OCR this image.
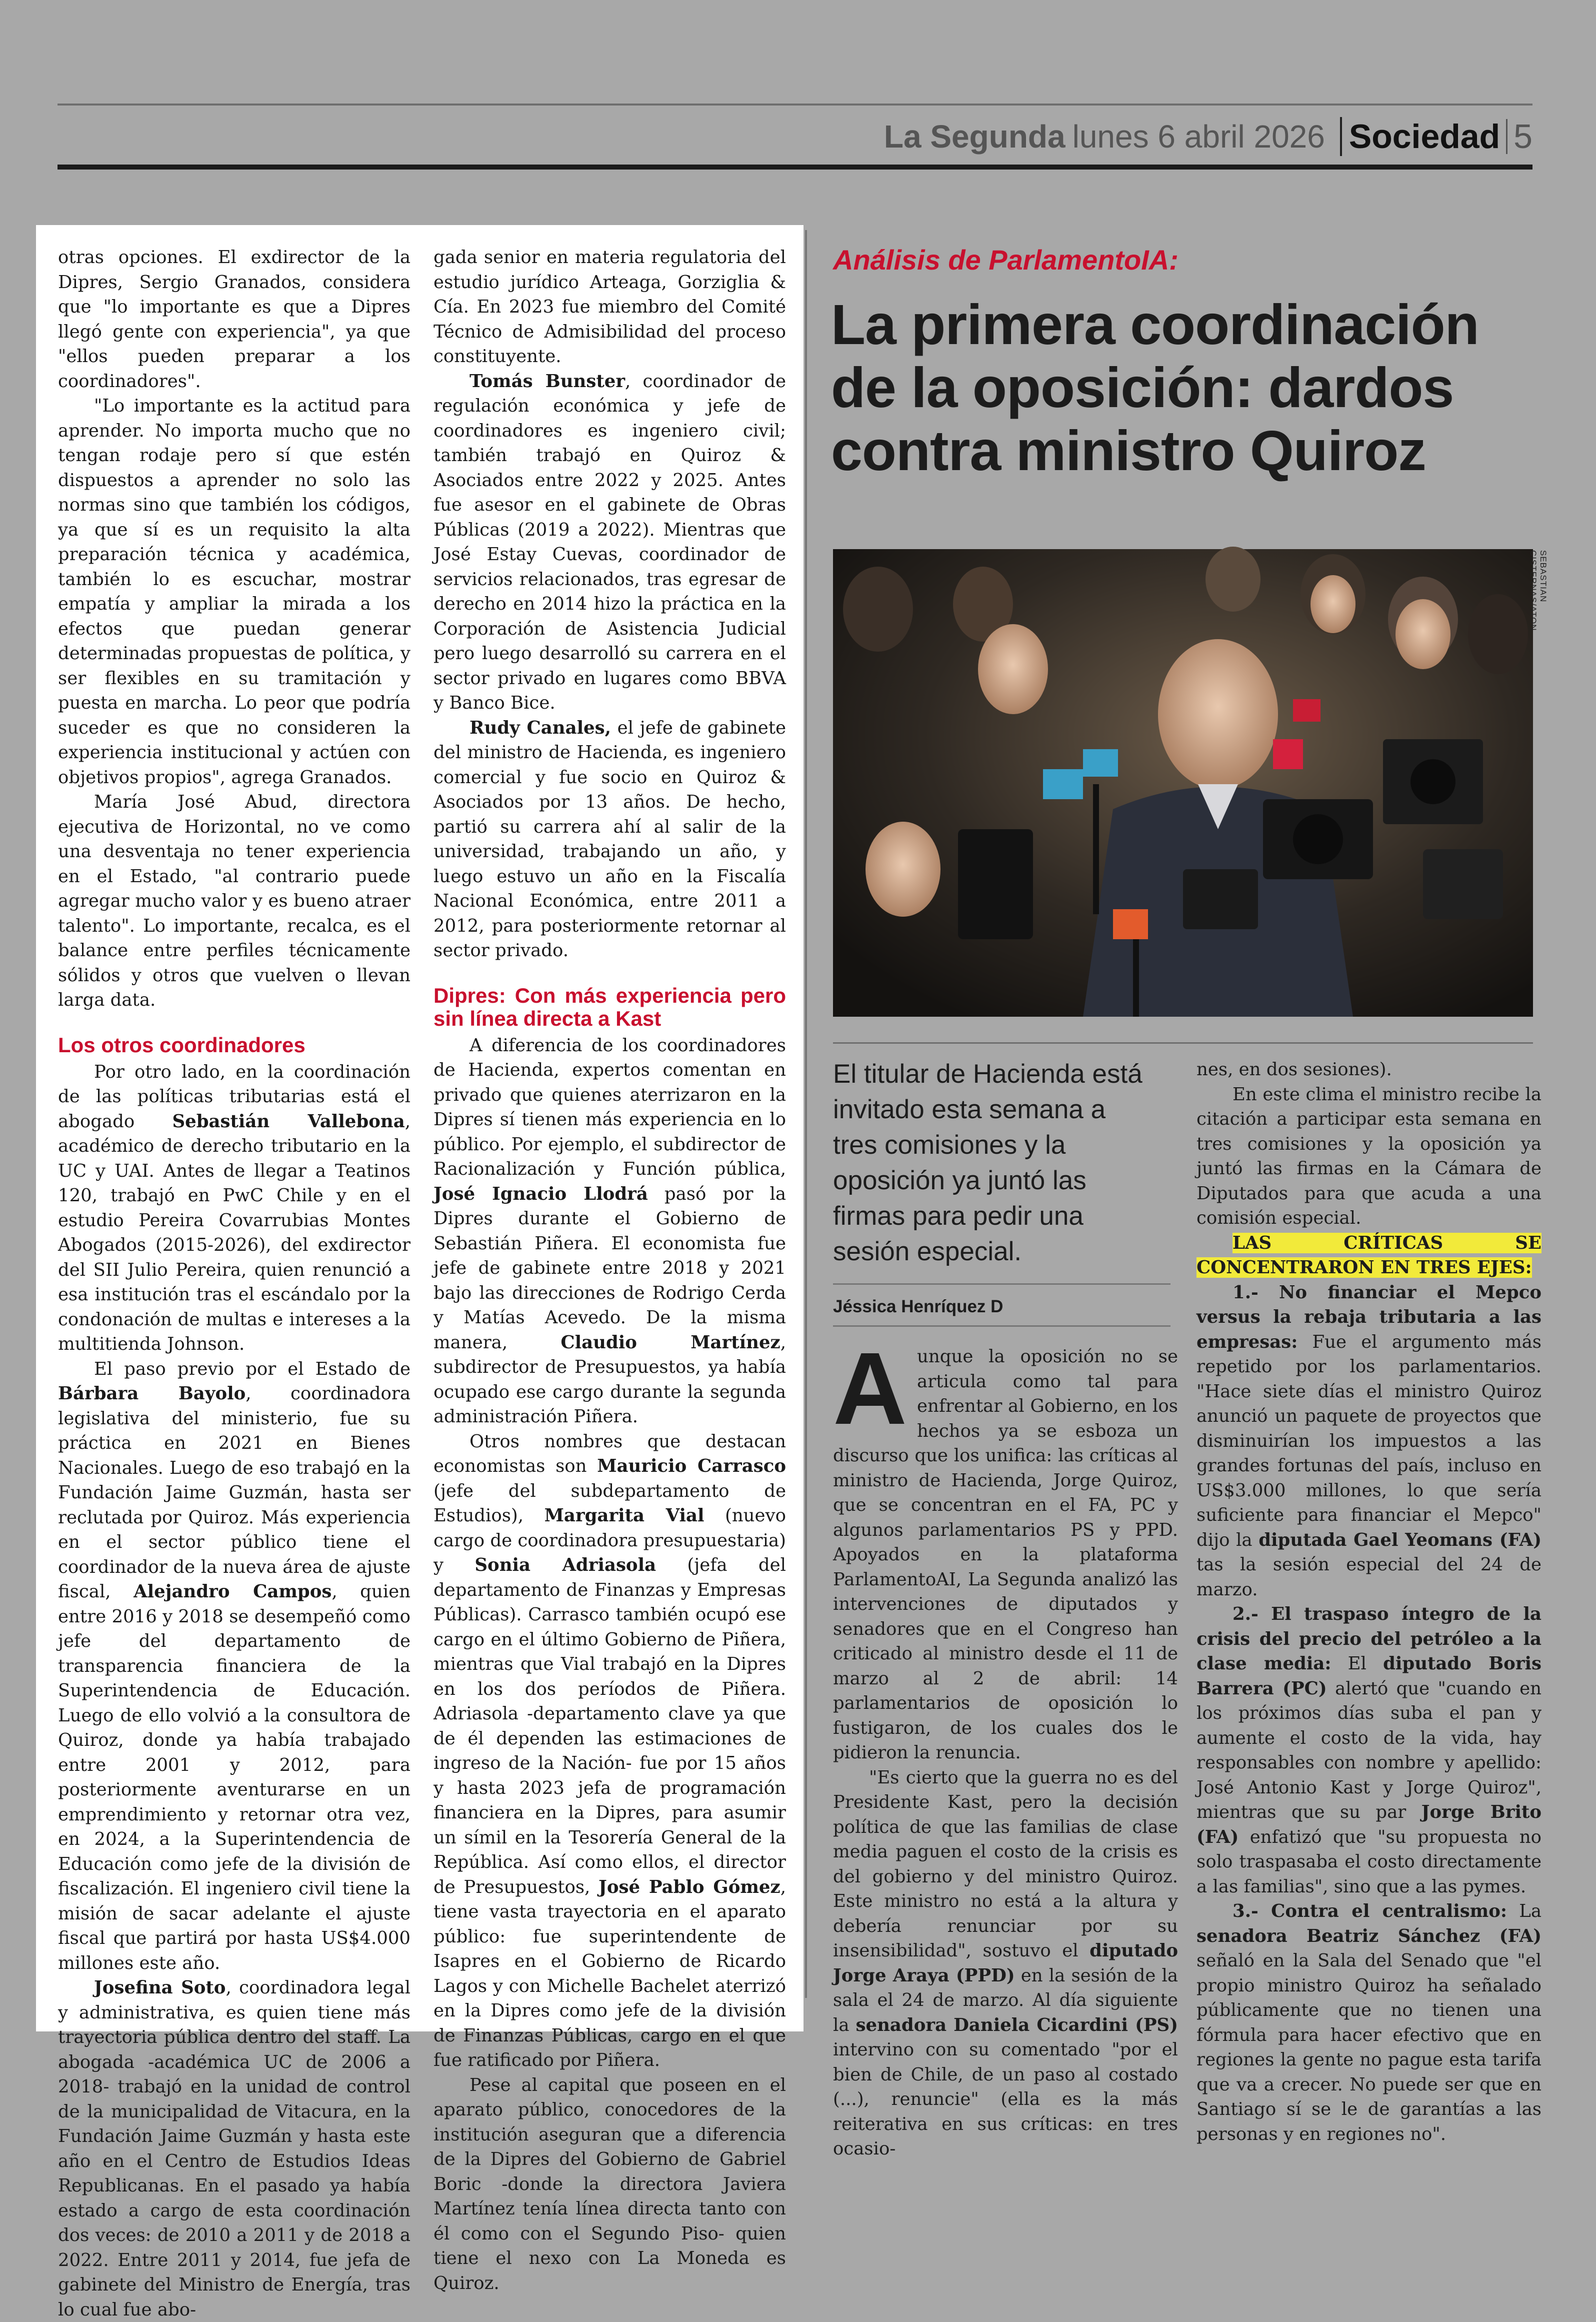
La Segunda lunes 6 abril 2026 Sociedad 5

otras opciones. El exdirector de la Dipres, Sergio Granados, considera que "lo importante es que a Dipres llegó gente con experiencia", ya que "ellos pueden preparar a los coordinadores".

"Lo importante es la actitud para aprender. No importa mucho que no tengan rodaje pero sí que estén dispuestos a aprender no solo las normas sino que también los códigos, ya que sí es un requisito la alta preparación técnica y académica, también lo es escuchar, mostrar empatía y ampliar la mirada a los efectos que puedan generar determinadas propuestas de política, y ser flexibles en su tramitación y puesta en marcha. Lo peor que podría suceder es que no consideren la experiencia institucional y actúen con objetivos propios", agrega Granados.

María José Abud, directora ejecutiva de Horizontal, no ve como una desventaja no tener experiencia en el Estado, "al contrario puede agregar mucho valor y es bueno atraer talento". Lo importante, recalca, es el balance entre perfiles técnicamente sólidos y otros que vuelven o llevan larga data.

Los otros coordinadores

Por otro lado, en la coordinación de las políticas tributarias está el abogado Sebastián Vallebona, académico de derecho tributario en la UC y UAI. Antes de llegar a Teatinos 120, trabajó en PwC Chile y en el estudio Pereira Covarrubias Montes Abogados (2015-2026), del exdirector del SII Julio Pereira, quien renunció a esa institución tras el escándalo por la condonación de multas e intereses a la multitienda Johnson.

El paso previo por el Estado de Bárbara Bayolo, coordinadora legislativa del ministerio, fue su práctica en 2021 en Bienes Nacionales. Luego de eso trabajó en la Fundación Jaime Guzmán, hasta ser reclutada por Quiroz. Más experiencia en el sector público tiene el coordinador de la nueva área de ajuste fiscal, Alejandro Campos, quien entre 2016 y 2018 se desempeñó como jefe del departamento de transparencia financiera de la Superintendencia de Educación. Luego de ello volvió a la consultora de Quiroz, donde ya había trabajado entre 2001 y 2012, para posteriormente aventurarse en un emprendimiento y retornar otra vez, en 2024, a la Superintendencia de Educación como jefe de la división de fiscalización. El ingeniero civil tiene la misión de sacar adelante el ajuste fiscal que partirá por hasta US$4.000 millones este año.

Josefina Soto, coordinadora legal y administrativa, es quien tiene más trayectoria pública dentro del staff. La abogada -académica UC de 2006 a 2018- trabajó en la unidad de control de la municipalidad de Vitacura, en la Fundación Jaime Guzmán y hasta este año en el Centro de Estudios Ideas Republicanas. En el pasado ya había estado a cargo de esta coordinación dos veces: de 2010 a 2011 y de 2018 a 2022. Entre 2011 y 2014, fue jefa de gabinete del Ministro de Energía, tras lo cual fue abo-

gada senior en materia regulatoria del estudio jurídico Arteaga, Gorziglia & Cía. En 2023 fue miembro del Comité Técnico de Admisibilidad del proceso constituyente.

Tomás Bunster, coordinador de regulación económica y jefe de coordinadores es ingeniero civil; también trabajó en Quiroz & Asociados entre 2022 y 2025. Antes fue asesor en el gabinete de Obras Públicas (2019 a 2022). Mientras que José Estay Cuevas, coordinador de servicios relacionados, tras egresar de derecho en 2014 hizo la práctica en la Corporación de Asistencia Judicial pero luego desarrolló su carrera en el sector privado en lugares como BBVA y Banco Bice.

Rudy Canales, el jefe de gabinete del ministro de Hacienda, es ingeniero comercial y fue socio en Quiroz & Asociados por 13 años. De hecho, partió su carrera ahí al salir de la universidad, trabajando un año, y luego estuvo un año en la Fiscalía Nacional Económica, entre 2011 a 2012, para posteriormente retornar al sector privado.

Dipres: Con más experiencia pero sin línea directa a Kast

A diferencia de los coordinadores de Hacienda, expertos comentan en privado que quienes aterrizaron en la Dipres sí tienen más experiencia en lo público. Por ejemplo, el subdirector de Racionalización y Función pública, José Ignacio Llodrá pasó por la Dipres durante el Gobierno de Sebastián Piñera. El economista fue jefe de gabinete entre 2018 y 2021 bajo las direcciones de Rodrigo Cerda y Matías Acevedo. De la misma manera, Claudio Martínez, subdirector de Presupuestos, ya había ocupado ese cargo durante la segunda administración Piñera.

Otros nombres que destacan economistas son Mauricio Carrasco (jefe del subdepartamento de Estudios), Margarita Vial (nuevo cargo de coordinadora presupuestaria) y Sonia Adriasola (jefa del departamento de Finanzas y Empresas Públicas). Carrasco también ocupó ese cargo en el último Gobierno de Piñera, mientras que Vial trabajó en la Dipres en los dos períodos de Piñera. Adriasola -departamento clave ya que de él dependen las estimaciones de ingreso de la Nación- fue por 15 años y hasta 2023 jefa de programación financiera en la Dipres, para asumir un símil en la Tesorería General de la República. Así como ellos, el director de Presupuestos, José Pablo Gómez, tiene vasta trayectoria en el aparato público: fue superintendente de Isapres en el Gobierno de Ricardo Lagos y con Michelle Bachelet aterrizó en la Dipres como jefe de la división de Finanzas Públicas, cargo en el que fue ratificado por Piñera.

Pese al capital que poseen en el aparato público, conocedores de la institución aseguran que a diferencia de la Dipres del Gobierno de Gabriel Boric -donde la directora Javiera Martínez tenía línea directa tanto con él como con el Segundo Piso- quien tiene el nexo con La Moneda es Quiroz.

Análisis de ParlamentoIA:
La primera coordinación de la oposición: dardos contra ministro Quiroz
SEBASTIAN CISTERNAS/ATON
El titular de Hacienda está invitado esta semana a tres comisiones y la oposición ya juntó las firmas para pedir una sesión especial.
Jéssica Henríquez D

Aunque la oposición no se articula como tal para enfrentar al Gobierno, en los hechos ya se esboza un discurso que los unifica: las críticas al ministro de Hacienda, Jorge Quiroz, que se concentran en el FA, PC y algunos parlamentarios PS y PPD. Apoyados en la plataforma ParlamentoAI, La Segunda analizó las intervenciones de diputados y senadores que en el Congreso han criticado al ministro desde el 11 de marzo al 2 de abril: 14 parlamentarios de oposición lo fustigaron, de los cuales dos le pidieron la renuncia.

"Es cierto que la guerra no es del Presidente Kast, pero la decisión política de que las familias de clase media paguen el costo de la crisis es del gobierno y del ministro Quiroz. Este ministro no está a la altura y debería renunciar por su insensibilidad", sostuvo el diputado Jorge Araya (PPD) en la sesión de la sala el 24 de marzo. Al día siguiente la senadora Daniela Cicardini (PS) intervino con su comentado "por el bien de Chile, de un paso al costado (...), renuncie" (ella es la más reiterativa en sus críticas: en tres ocasio-

nes, en dos sesiones).

En este clima el ministro recibe la citación a participar esta semana en tres comisiones y la oposición ya juntó las firmas en la Cámara de Diputados para que acuda a una comisión especial.

LAS CRÍTICAS SE CONCENTRARON EN TRES EJES:

1.- No financiar el Mepco versus la rebaja tributaria a las empresas: Fue el argumento más repetido por los parlamentarios. "Hace siete días el ministro Quiroz anunció un paquete de proyectos que disminuirían los impuestos a las grandes fortunas del país, incluso en US$3.000 millones, lo que sería suficiente para financiar el Mepco" dijo la diputada Gael Yeomans (FA) tas la sesión especial del 24 de marzo.

2.- El traspaso íntegro de la crisis del precio del petróleo a la clase media: El diputado Boris Barrera (PC) alertó que "cuando en los próximos días suba el pan y aumente el costo de la vida, hay responsables con nombre y apellido: José Antonio Kast y Jorge Quiroz", mientras que su par Jorge Brito (FA) enfatizó que "su propuesta no solo traspasaba el costo directamente a las familias", sino que a las pymes.

3.- Contra el centralismo: La senadora Beatriz Sánchez (FA) señaló en la Sala del Senado que "el propio ministro Quiroz ha señalado públicamente que no tienen una fórmula para hacer efectivo que en regiones la gente no pague esta tarifa que va a crecer. No puede ser que en Santiago sí se le de garantías a las personas y en regiones no".
